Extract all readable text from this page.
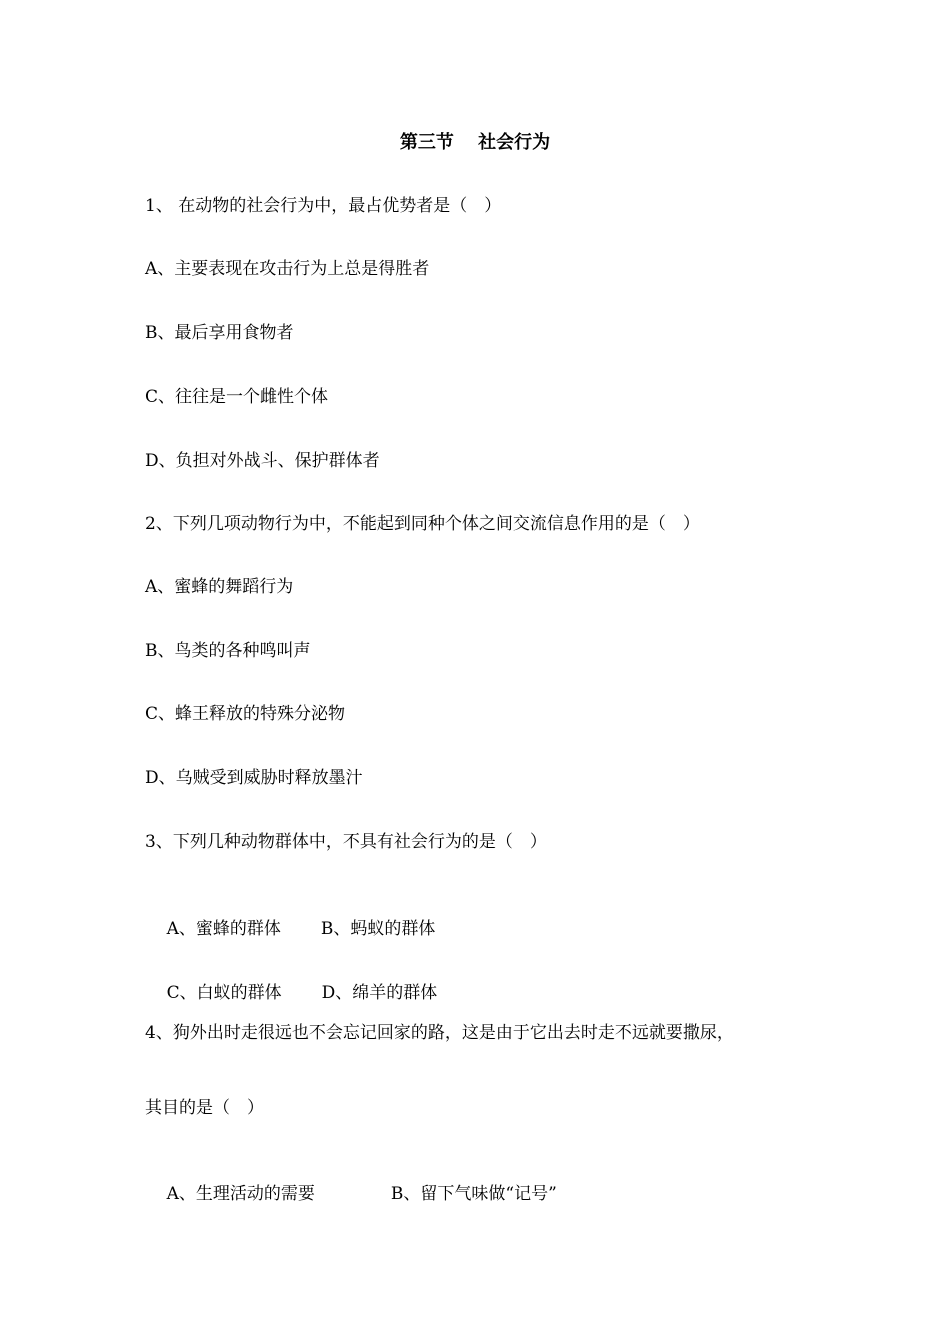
第三节　 社会行为
1、 在动物的社会行为中，最占优势者是（　）
A、主要表现在攻击行为上总是得胜者
B、最后享用食物者
C、往往是一个雌性个体
D、负担对外战斗、保护群体者
2、下列几项动物行为中，不能起到同种个体之间交流信息作用的是（　）
A、蜜蜂的舞蹈行为
B、鸟类的各种鸣叫声
C、蜂王释放的特殊分泌物
D、乌贼受到威胁时释放墨汁
3、下列几种动物群体中，不具有社会行为的是（　）

A、蜜蜂的群体 B、蚂蚁的群体

C、白蚁的群体 D、绵羊的群体

4、狗外出时走很远也不会忘记回家的路，这是由于它出去时走不远就要撒尿，
其目的是（　）

A、生理活动的需要	B、留下气味做“记号”
